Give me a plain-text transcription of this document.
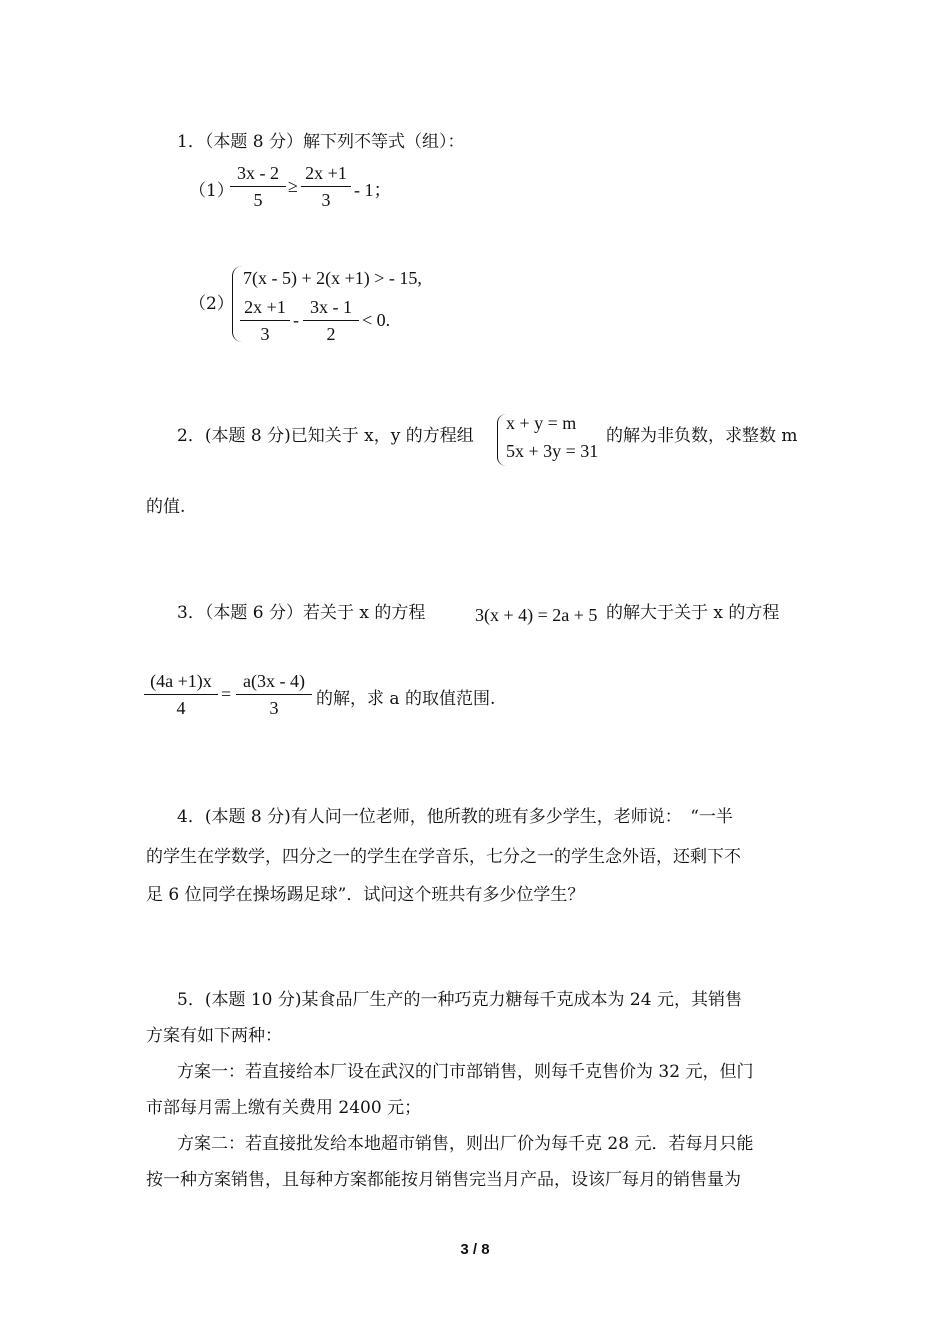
1．（本题 8 分）解下列不等式（组）：
（1）
$\frac{3x - 2}{5} \ge \frac{2x +1}{3} - 1$；
（2）
7(x - 5) + 2(x +1) > - 15,
$\frac{2x +1}{3} - \frac{3x - 1}{2} < 0$.
2．(本题 8 分)已知关于 x，y 的方程组
x + y = m
5x + 3y = 31
的解为非负数，求整数 m
的值.
3．（本题 6 分）若关于 x 的方程	3(x + 4) = 2a + 5 的解大于关于 x 的方程
$\frac{(4a +1)x}{4} = \frac{a(3x - 4)}{3}$ 的解，求 a 的取值范围.
4．(本题 8 分)有人问一位老师，他所教的班有多少学生，老师说：　“一半
的学生在学数学，四分之一的学生在学音乐，七分之一的学生念外语，还剩下不
足 6 位同学在操场踢足球”．试问这个班共有多少位学生？
5．(本题 10 分)某食品厂生产的一种巧克力糖每千克成本为 24 元，其销售
方案有如下两种：
方案一：若直接给本厂设在武汉的门市部销售，则每千克售价为 32 元，但门
市部每月需上缴有关费用 2400 元；
方案二：若直接批发给本地超市销售，则出厂价为每千克 28 元．若每月只能
按一种方案销售，且每种方案都能按月销售完当月产品，设该厂每月的销售量为
3 / 8
